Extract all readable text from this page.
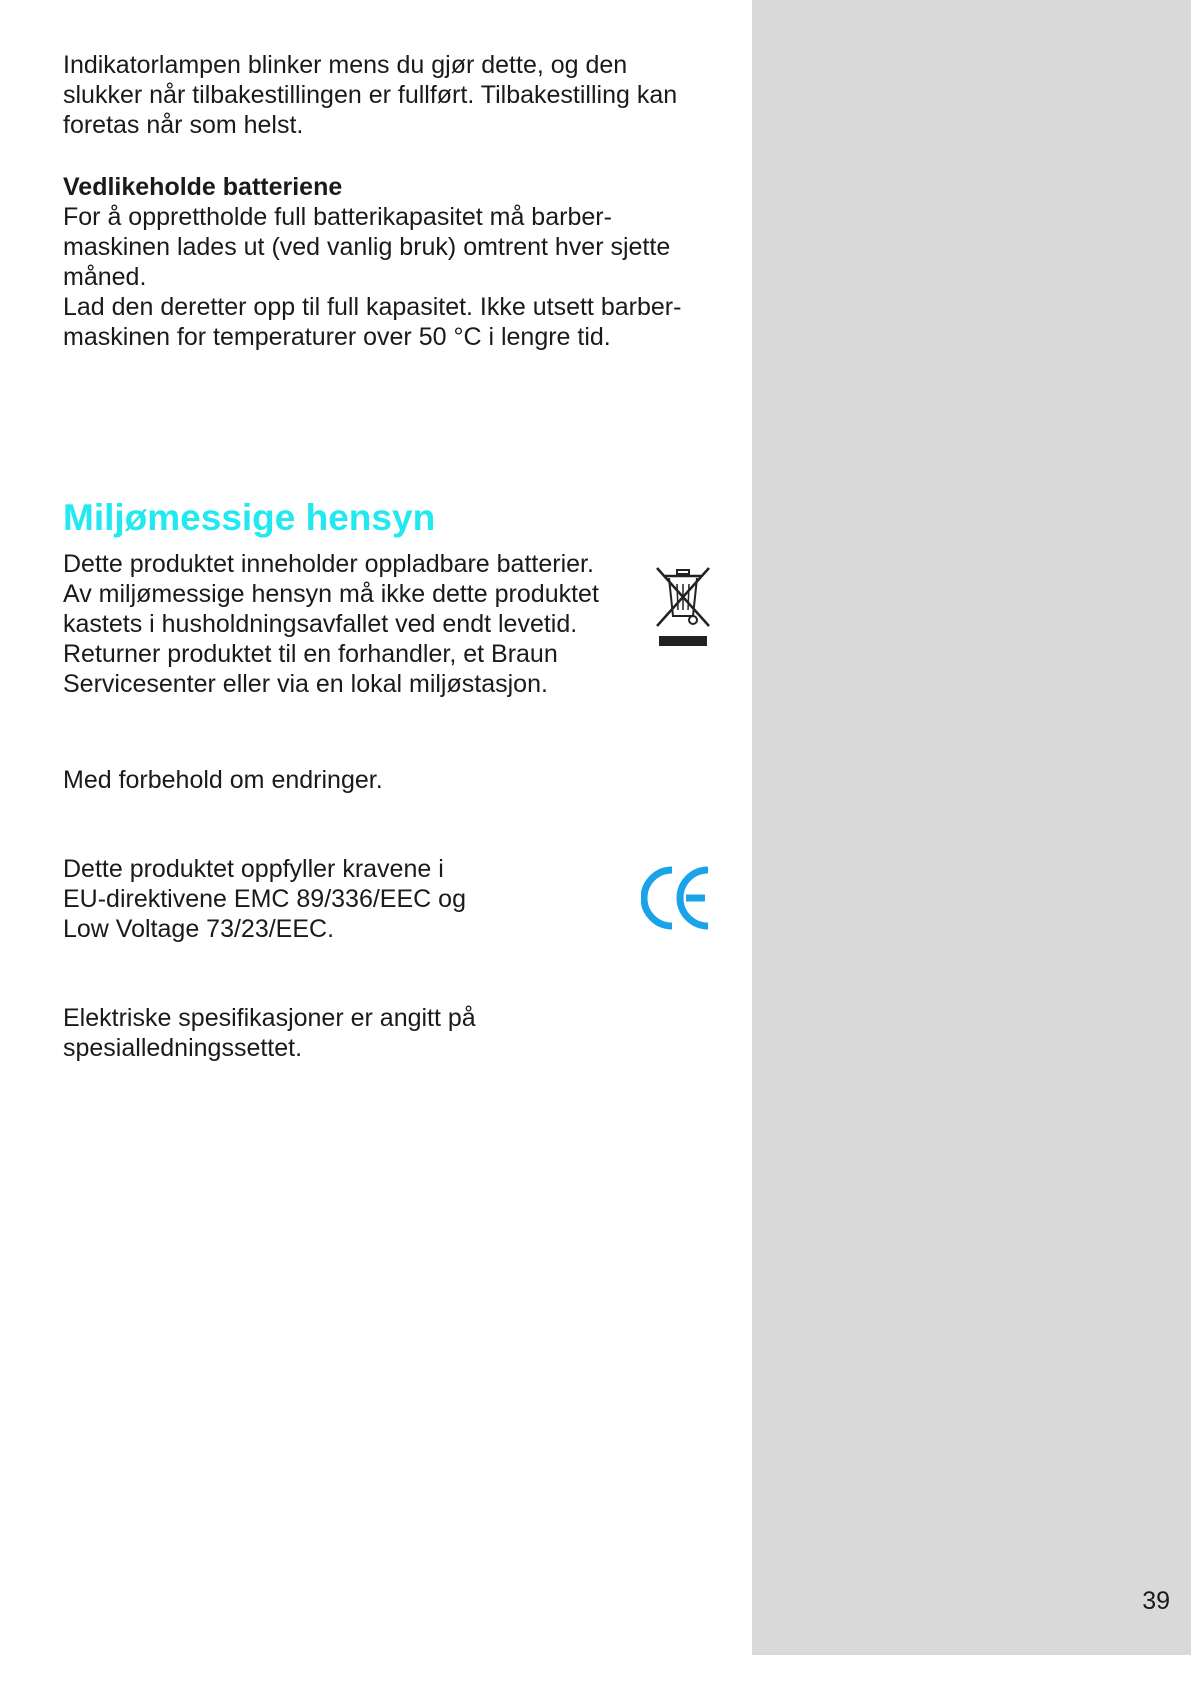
Indikatorlampen blinker mens du gjør dette, og den
slukker når tilbakestillingen er fullført. Tilbakestilling kan
foretas når som helst.

Vedlikeholde batteriene

For å opprettholde full batterikapasitet må barber-
maskinen lades ut (ved vanlig bruk) omtrent hver sjette
måned.
Lad den deretter opp til full kapasitet. Ikke utsett barber-
maskinen for temperaturer over 50 °C i lengre tid.

Miljømessige hensyn

Dette produktet inneholder oppladbare batterier.
Av miljømessige hensyn må ikke dette produktet
kastets i husholdningsavfallet ved endt levetid.
Returner produktet til en forhandler, et Braun
Servicesenter eller via en lokal miljøstasjon.

Med forbehold om endringer.

Dette produktet oppfyller kravene i
EU-direktivene EMC 89/336/EEC og
Low Voltage 73/23/EEC.

Elektriske spesifikasjoner er angitt på
spesialledningssettet.

39
